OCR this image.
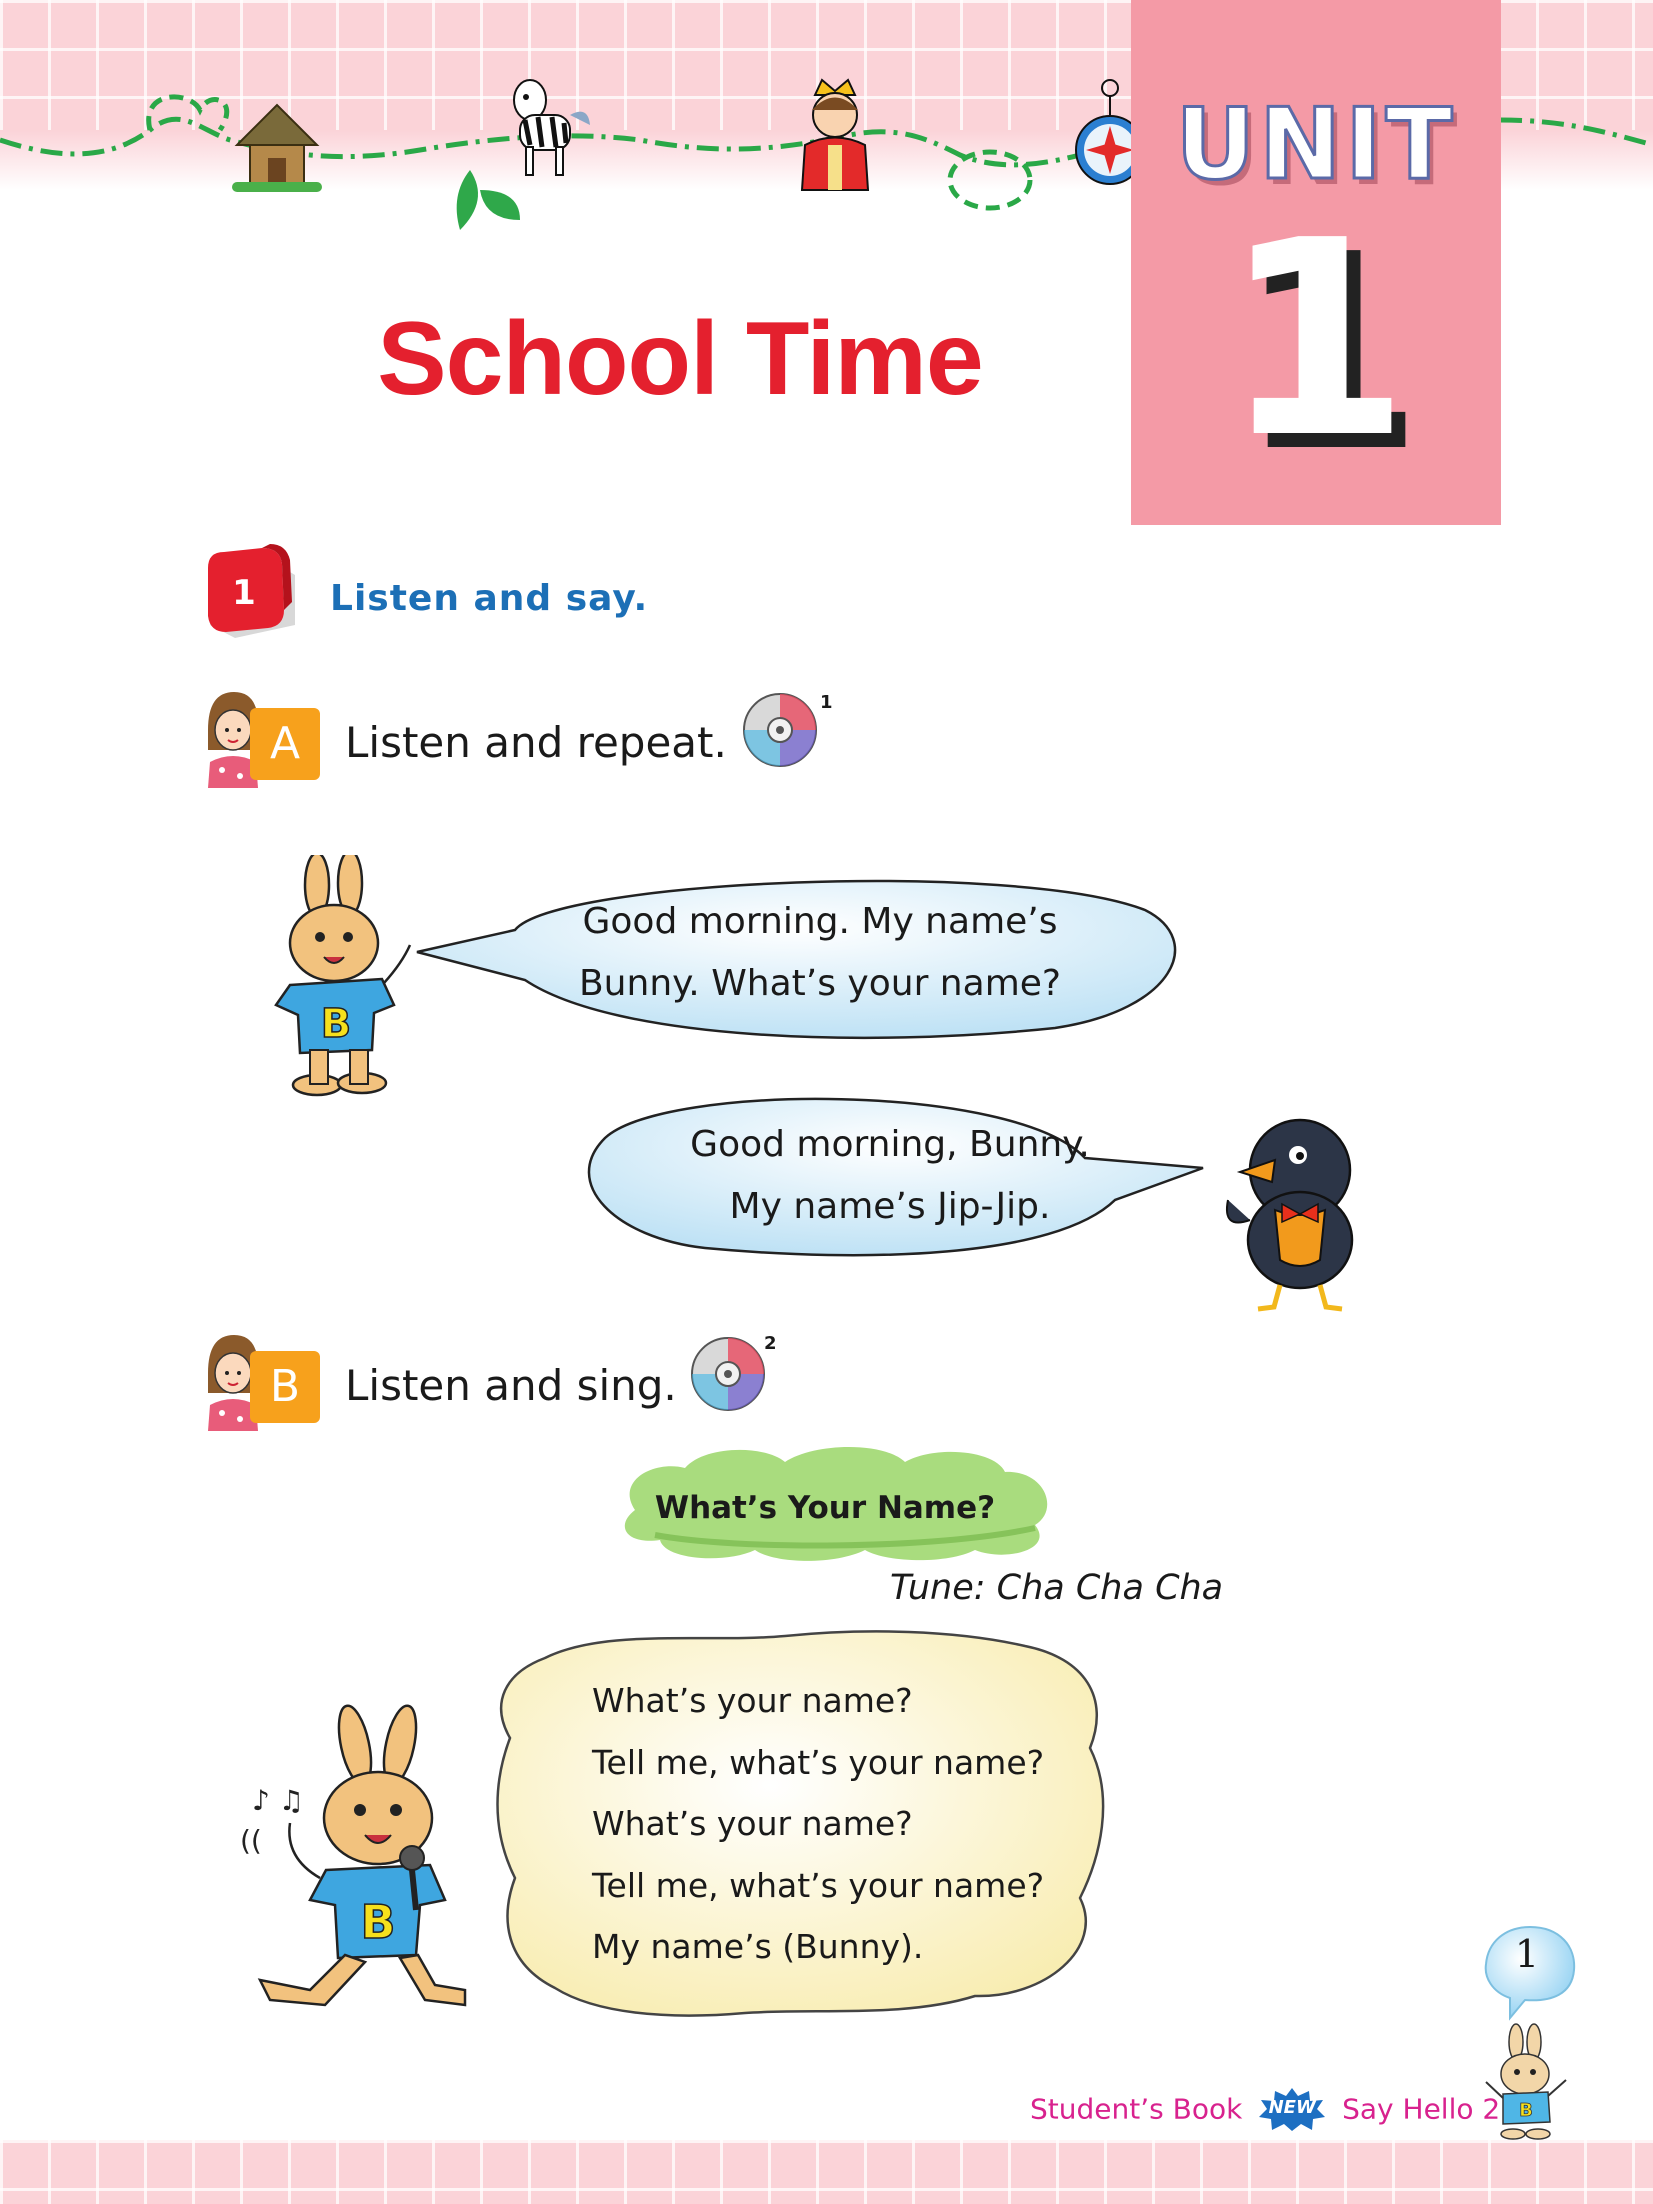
UNIT
1
School Time
1 Listen and say.
A	Listen and repeat.
1
B
Good morning. My name’s
Bunny. What’s your name?
Good morning, Bunny.
My name’s Jip-Jip.
B	Listen and sing.
2
What’s Your Name?
Tune: Cha Cha Cha
What’s your name?
Tell me, what’s your name?
What’s your name?
Tell me, what’s your name?
My name’s (Bunny).
B
♪ ♫
((
1
B
Student’s Book	NEW Say Hello 2
